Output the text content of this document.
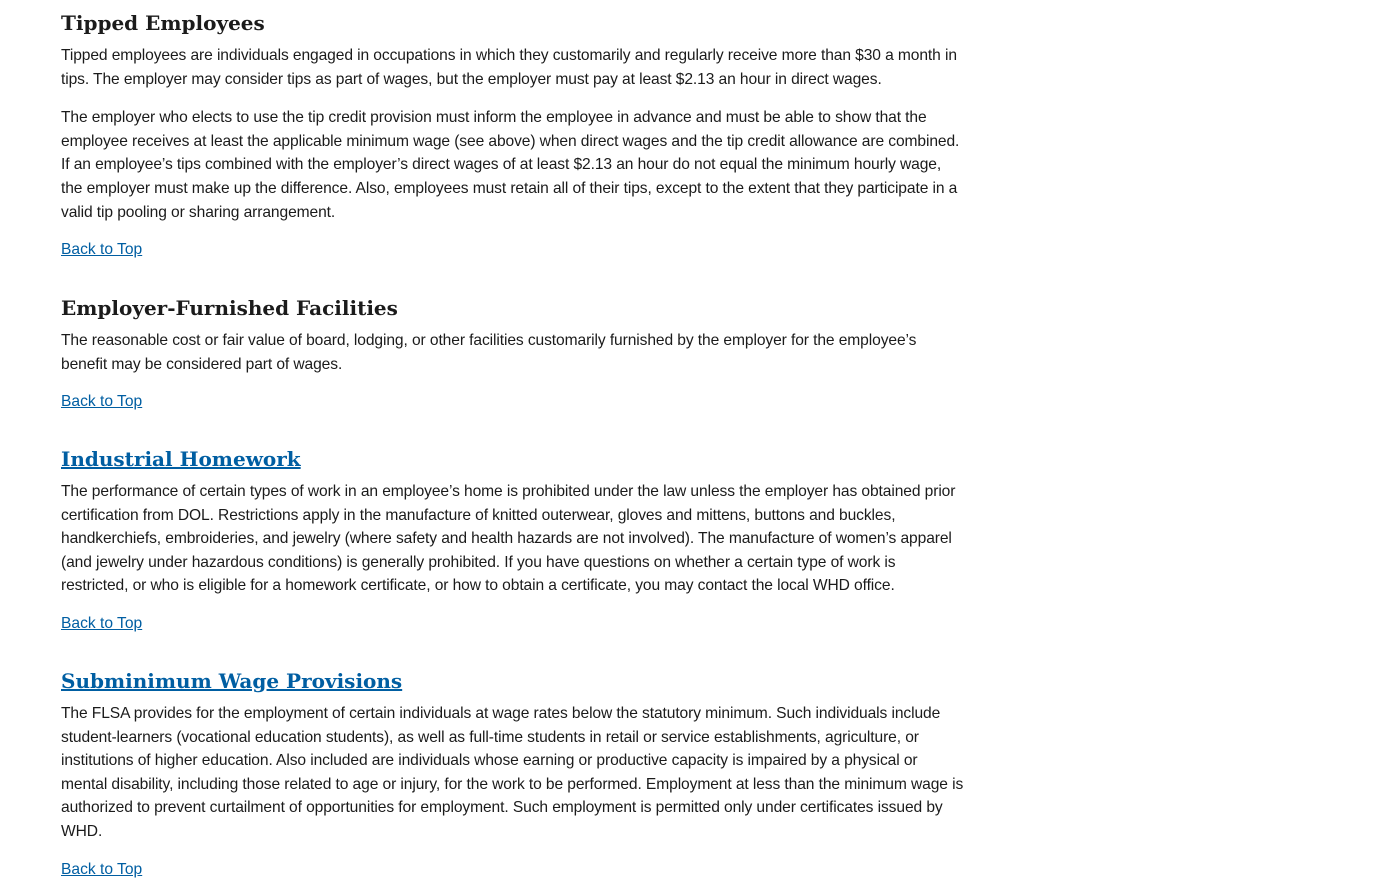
Tipped Employees

Tipped employees are individuals engaged in occupations in which they customarily and regularly receive more than $30 a month in tips. The employer may consider tips as part of wages, but the employer must pay at least $2.13 an hour in direct wages.

The employer who elects to use the tip credit provision must inform the employee in advance and must be able to show that the employee receives at least the applicable minimum wage (see above) when direct wages and the tip credit allowance are combined. If an employee’s tips combined with the employer’s direct wages of at least $2.13 an hour do not equal the minimum hourly wage, the employer must make up the difference. Also, employees must retain all of their tips, except to the extent that they participate in a valid tip pooling or sharing arrangement.

Back to Top
Employer-Furnished Facilities

The reasonable cost or fair value of board, lodging, or other facilities customarily furnished by the employer for the employee’s benefit may be considered part of wages.

Back to Top
Industrial Homework

The performance of certain types of work in an employee’s home is prohibited under the law unless the employer has obtained prior certification from DOL. Restrictions apply in the manufacture of knitted outerwear, gloves and mittens, buttons and buckles, handkerchiefs, embroideries, and jewelry (where safety and health hazards are not involved). The manufacture of women’s apparel (and jewelry under hazardous conditions) is generally prohibited. If you have questions on whether a certain type of work is restricted, or who is eligible for a homework certificate, or how to obtain a certificate, you may contact the local WHD office.

Back to Top
Subminimum Wage Provisions

The FLSA provides for the employment of certain individuals at wage rates below the statutory minimum. Such individuals include student-learners (vocational education students), as well as full-time students in retail or service establishments, agriculture, or institutions of higher education. Also included are individuals whose earning or productive capacity is impaired by a physical or mental disability, including those related to age or injury, for the work to be performed. Employment at less than the minimum wage is authorized to prevent curtailment of opportunities for employment. Such employment is permitted only under certificates issued by WHD.

Back to Top
